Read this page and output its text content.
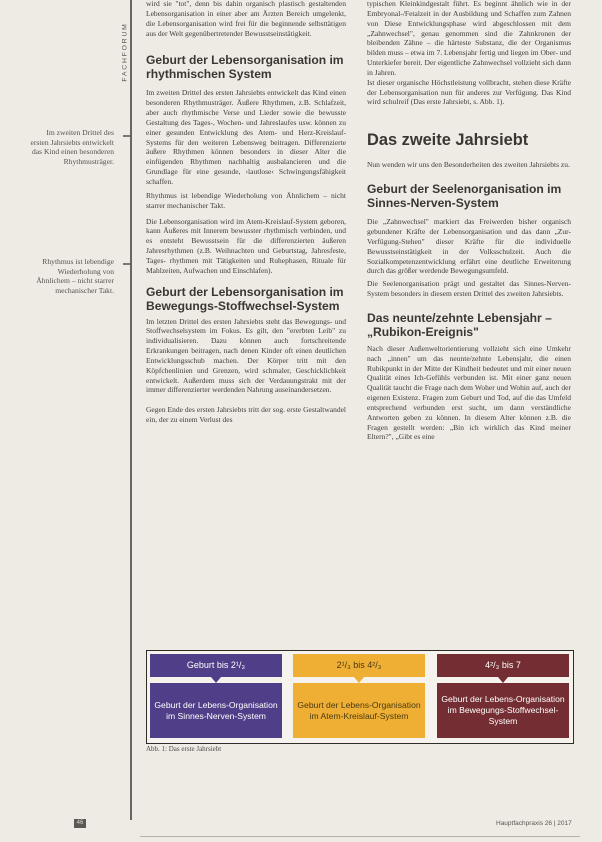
Im zweiten Drittel des ersten Jahrsiebts entwickelt das Kind einen besonderen Rhythmusträger.
Rhythmus ist lebendige Wiederholung von Ähnlichem – nicht starrer mechanischer Takt.
FACHFORUM

wird sie "tot", denn bis dahin organisch plastisch gestaltenden Lebensorganisation in einer aber am Ärzten Bereich umgelenkt, die Lebensorganisation wird frei für die beginnende selbsttätigen aus der Welt gegenübertretender Bewusstseinstätigkeit.

Geburt der Lebensorganisation im rhythmischen System

Im zweiten Drittel des ersten Jahrsiebts entwickelt das Kind einen besonderen Rhythmusträger. Äußere Rhythmen, z.B. Schlafzeit, aber auch rhythmische Verse und Lieder sowie die bewusste Gestaltung des Tages-, Wochen- und Jahreslaufes usw. können zu einer gesunden Entwicklung des Atem- und Herz-Kreislauf-Systems für den weiteren Lebensweg beitragen. Differenzierte äußere Rhythmen können besonders in dieser Alter die einfügenden Rhythmen nachhaltig ausbalancieren und die Grundlage für eine gesunde, ›lautlose‹ Schwingungsfähigkeit schaffen.

Rhythmus ist lebendige Wiederholung von Ähnlichem – nicht starrer mechanischer Takt.

Die Lebensorganisation wird im Atem-Kreislauf-System geboren, kann Äußeres mit Innerem bewusster rhythmisch verbinden, und es entsteht Bewusstsein für die differenzierten äußeren Jahresrhythmen (z.B. Weihnachten und Geburtstag, Jahresfeste, Tages- rhythmen mit Tätigkeiten und Ruhephasen, Rituale für Mahlzeiten, Aufwachen und Einschlafen).

Geburt der Lebensorganisation im Bewegungs-Stoffwechsel-System

Im letzten Drittel des ersten Jahrsiebts steht das Bewegungs- und Stoffwechselsystem im Fokus. Es gilt, den "ererbten Leib" zu individualisieren. Dazu können auch fortschreitende Erkrankungen beitragen, nach denen Kinder oft einen deutlichen Entwicklungsschub machen. Der Körper tritt mit den Köpfchenlinien und Grenzen, wird schmaler, Geschicklichkeit entwickelt. Außerdem muss sich der Verdauungstrakt mit der immer differenzierter werdenden Nahrung auseinandersetzen.

Gegen Ende des ersten Jahrsiebts tritt der sog. erste Gestaltwandel ein, der zu einem Verlust des

typischen Kleinkindgestalt führt. Es beginnt ähnlich wie in der Embryonal-/Fetalzeit in der Ausbildung und Schaffen zum Zahnen von Diese Entwicklungsphase wird abgeschlossen mit dem „Zahnwechsel", genau genommen sind die Zahnkronen der bleibenden Zähne – die härteste Substanz, die der Organismus bilden muss – etwa im 7. Lebensjahr fertig und liegen im Ober- und Unterkiefer bereit. Der eigentliche Zahnwechsel vollzieht sich dann in Jahren.

Ist dieser organische Höchstleistung vollbracht, stehen diese Kräfte der Lebensorganisation nun für anderes zur Verfügung. Das Kind wird schulreif (Das erste Jahrsiebt, s. Abb. 1).

Das zweite Jahrsiebt

Nun wenden wir uns den Besonderheiten des zweiten Jahrsiebts zu.

Geburt der Seelenorganisation im Sinnes-Nerven-System

Die „Zahnwechsel" markiert das Freiwerden bisher organisch gebundener Kräfte der Lebensorganisation und das dann „Zur-Verfügung-Stehen" dieser Kräfte für die individuelle Bewusstseinstätigkeit in der Volksschulzeit. Auch die Sozialkompetenzentwicklung erfährt eine deutliche Erweiterung durch das größer werdende Bewegungsumfeld.

Die Seelenorganisation prägt und gestaltet das Sinnes-Nerven-System besonders in diesem ersten Drittel des zweiten Jahrsiebts.

Das neunte/zehnte Lebensjahr – „Rubikon-Ereignis"

Nach dieser Außenweltorientierung vollzieht sich eine Umkehr nach „innen" um das neunte/zehnte Lebensjahr, die einen Rubikpunkt in der Mitte der Kindheit bedeutet und mit einer neuen Qualität eines Ich-Gefühls verbunden ist. Mit einer ganz neuen Qualität taucht die Frage nach dem Woher und Wohin auf, auch der eigenen Existenz. Fragen zum Geburt und Tod, auf die das Umfeld entsprechend verbunden erst sucht, um dann verständliche Antworten geben zu können. In diesem Alter können z.B. die Fragen gestellt werden: „Bin ich wirklich das Kind meiner Eltern?", „Gibt es eine

Geburt bis 2¹/₃
Geburt der Lebens-Organisation im Sinnes-Nerven-System
2¹/₃ bis 4²/₃
Geburt der Lebens-Organisation im Atem-Kreislauf-System
4²/₃ bis 7
Geburt der Lebens-Organisation im Bewegungs-Stoffwechsel-System
Abb. 1: Das erste Jahrsiebt
46	Hauptfachpraxis 26 | 2017
